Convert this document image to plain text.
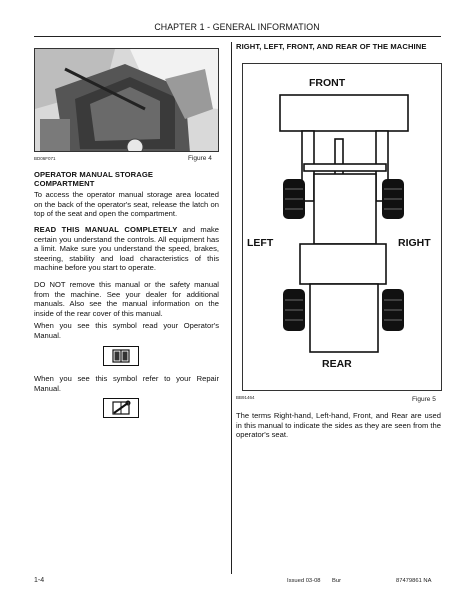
CHAPTER 1 - GENERAL INFORMATION
BD06F071	Figure 4
OPERATOR MANUAL STORAGE COMPARTMENT
To access the operator manual storage area located on the back of the operator's seat, release the latch on top of the seat and open the compartment.
READ THIS MANUAL COMPLETELY and make certain you understand the controls. All equipment has a limit. Make sure you understand the speed, brakes, steering, stability and load characteristics of this machine before you start to operate.
DO NOT remove this manual or the safety manual from the machine. See your dealer for additional manuals. Also see the manual information on the inside of the rear cover of this manual.
When you see this symbol read your Operator's Manual.
When you see this symbol refer to your Repair Manual.
RIGHT, LEFT, FRONT, AND REAR OF THE MACHINE
FRONT
LEFT	RIGHT
REAR
BB91464	Figure 5
The terms Right-hand, Left-hand, Front, and Rear are used in this manual to indicate the sides as they are seen from the operator's seat.
1-4	Issued 03-08 Bur	87479861 NA
